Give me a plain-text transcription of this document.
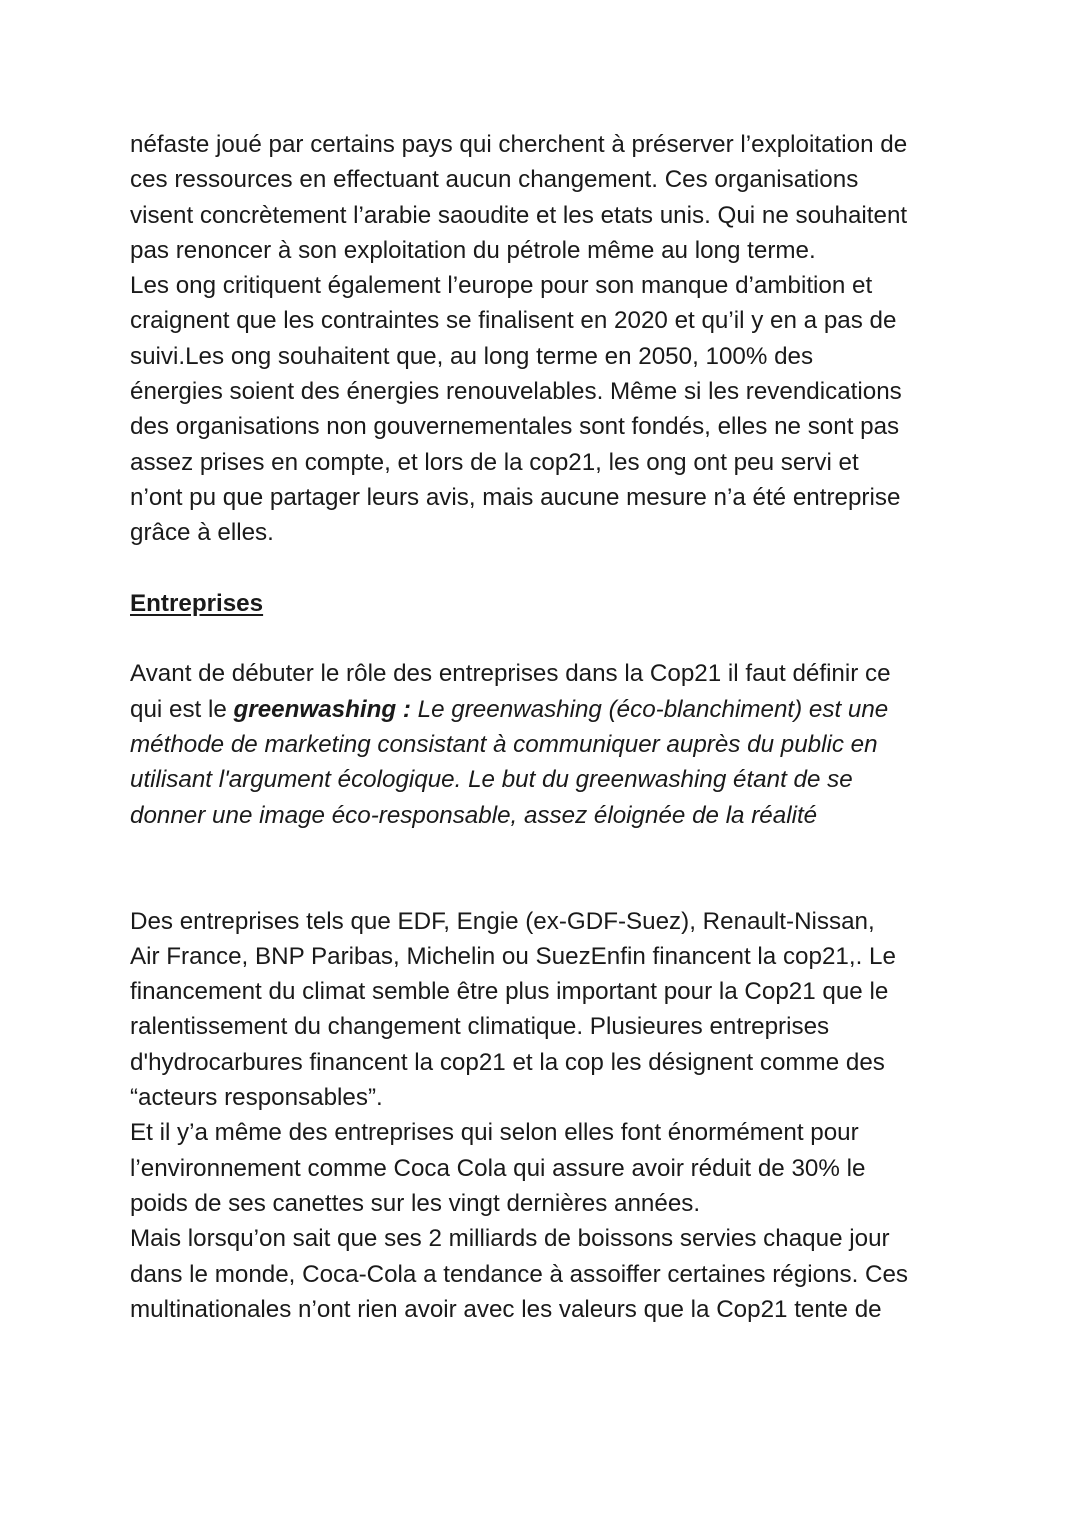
néfaste joué par certains pays qui cherchent à préserver l’exploitation de

ces ressources en effectuant aucun changement. Ces organisations

visent concrètement l’arabie saoudite et les etats unis. Qui ne souhaitent

pas renoncer à son exploitation du pétrole même au long terme.

Les ong critiquent également l’europe pour son manque d’ambition et

craignent que les contraintes se finalisent en 2020 et qu’il y en a pas de

suivi.Les ong souhaitent que, au long terme en 2050, 100% des

énergies soient des énergies renouvelables. Même si les revendications

des organisations non gouvernementales sont fondés, elles ne sont pas

assez prises en compte, et lors de la cop21, les ong ont peu servi et

n’ont pu que partager leurs avis, mais aucune mesure n’a été entreprise

grâce à elles.

Entreprises

Avant de débuter le rôle des entreprises dans la Cop21 il faut définir ce

qui est le greenwashing : Le greenwashing (éco-blanchiment) est une

méthode de marketing consistant à communiquer auprès du public en

utilisant l'argument écologique. Le but du greenwashing étant de se

donner une image éco-responsable, assez éloignée de la réalité

Des entreprises tels que EDF, Engie (ex-GDF-Suez), Renault-Nissan,

Air France, BNP Paribas, Michelin ou SuezEnfin financent la cop21,. Le

financement du climat semble être plus important pour la Cop21 que le

ralentissement du changement climatique. Plusieures entreprises

d'hydrocarbures financent la cop21 et la cop les désignent comme des

“acteurs responsables”.

Et il y’a même des entreprises qui selon elles font énormément pour

l’environnement comme Coca Cola qui assure avoir réduit de 30% le

poids de ses canettes sur les vingt dernières années.

Mais lorsqu’on sait que ses 2 milliards de boissons servies chaque jour

dans le monde, Coca-Cola a tendance à assoiffer certaines régions. Ces

multinationales n’ont rien avoir avec les valeurs que la Cop21 tente de
